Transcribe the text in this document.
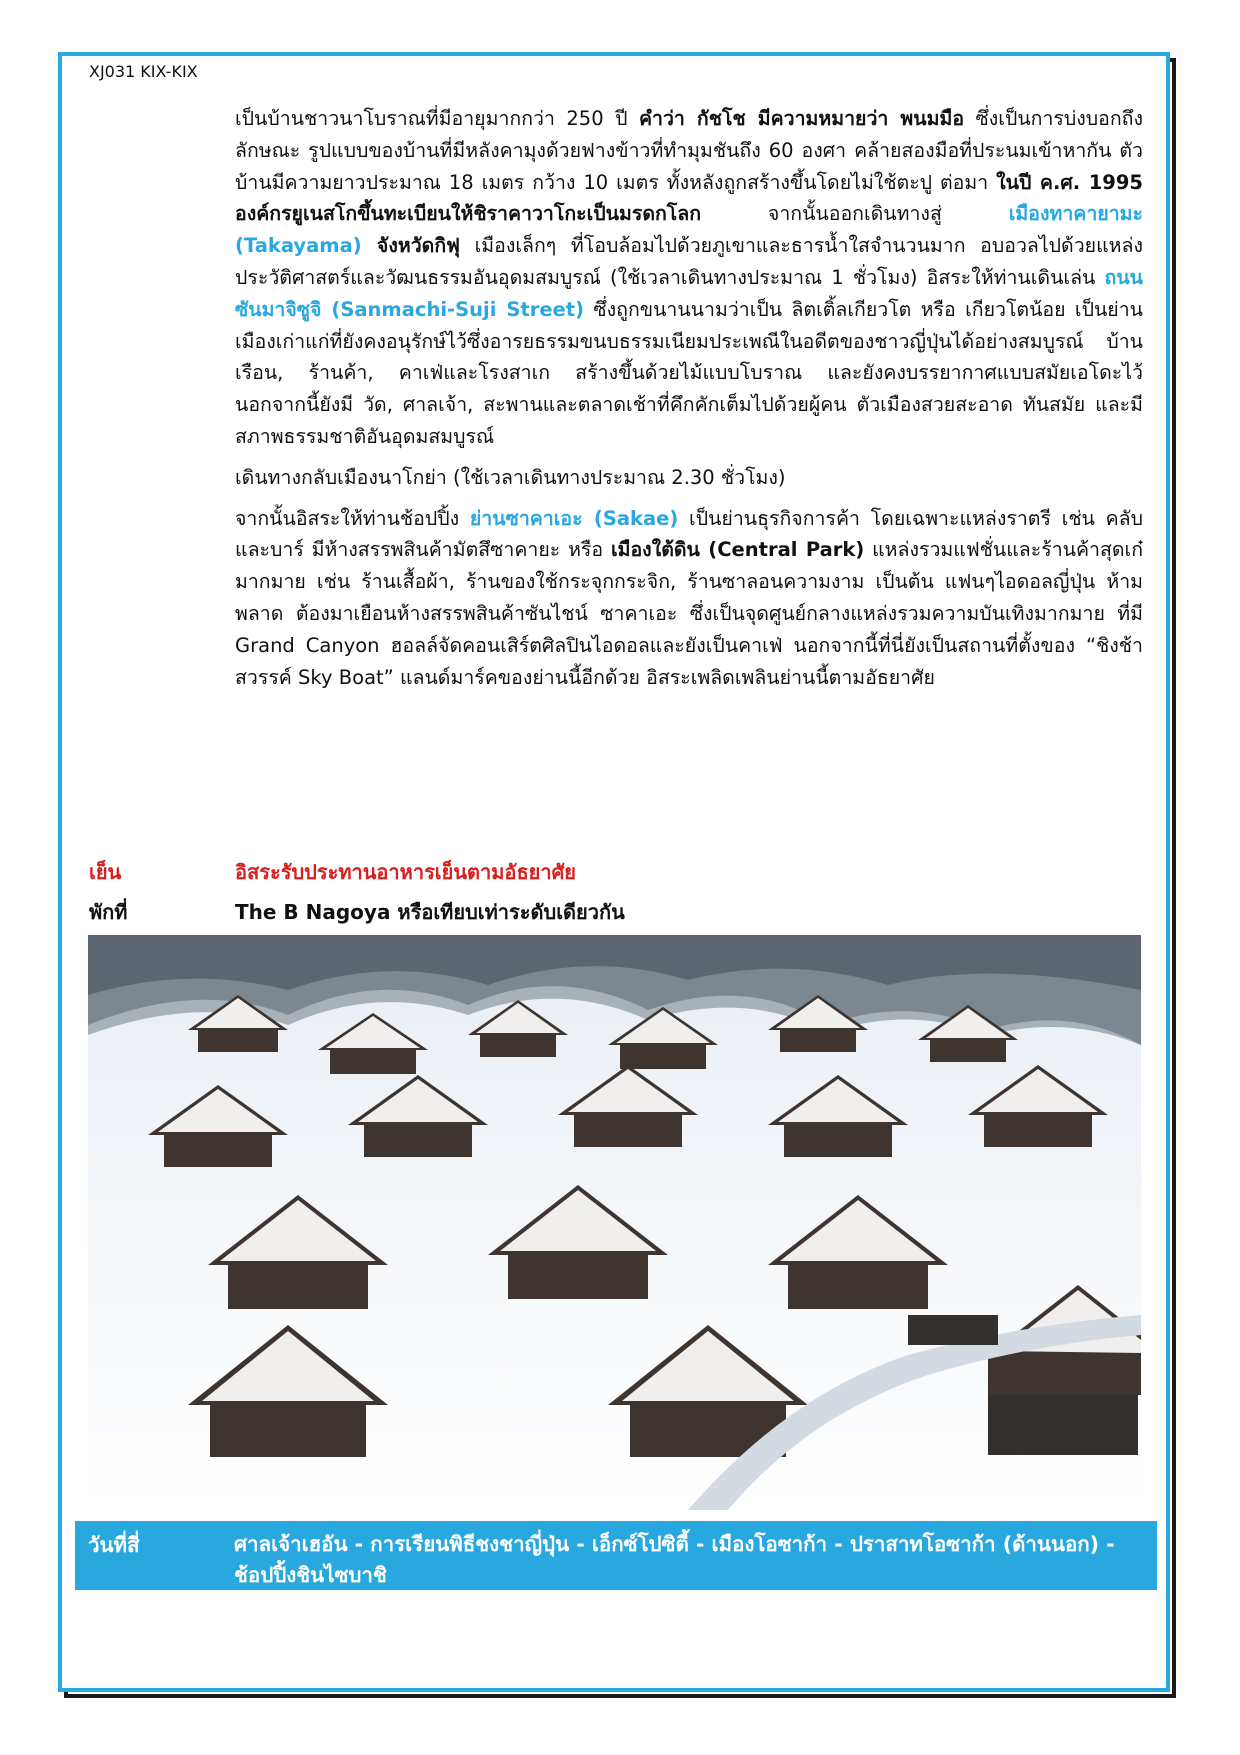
XJ031 KIX-KIX

เป็นบ้านชาวนาโบราณที่มีอายุมากกว่า 250 ปี คำว่า กัชโช มีความหมายว่า พนมมือ ซึ่งเป็นการบ่งบอกถึงลักษณะ รูปแบบของบ้านที่มีหลังคามุงด้วยฟางข้าวที่ทำมุมชันถึง 60 องศา คล้ายสองมือที่ประนมเข้าหากัน ตัวบ้านมีความยาวประมาณ 18 เมตร กว้าง 10 เมตร ทั้งหลังถูกสร้างขึ้นโดยไม่ใช้ตะปู ต่อมา ในปี ค.ศ. 1995 องค์กรยูเนสโกขึ้นทะเบียนให้ชิราคาวาโกะเป็นมรดกโลก จากนั้นออกเดินทางสู่ เมืองทาคายามะ (Takayama) จังหวัดกิฟุ เมืองเล็กๆ ที่โอบล้อมไปด้วยภูเขาและธารน้ำใสจำนวนมาก อบอวลไปด้วยแหล่งประวัติศาสตร์และวัฒนธรรมอันอุดมสมบูรณ์ (ใช้เวลาเดินทางประมาณ 1 ชั่วโมง) อิสระให้ท่านเดินเล่น ถนนซันมาจิซูจิ (Sanmachi-Suji Street) ซึ่งถูกขนานนามว่าเป็น ลิตเติ้ลเกียวโต หรือ เกียวโตน้อย เป็นย่านเมืองเก่าแก่ที่ยังคงอนุรักษ์ไว้ซึ่งอารยธรรมขนบธรรมเนียมประเพณีในอดีตของชาวญี่ปุ่นได้อย่างสมบูรณ์ บ้านเรือน, ร้านค้า, คาเฟ่และโรงสาเก สร้างขึ้นด้วยไม้แบบโบราณ และยังคงบรรยากาศแบบสมัยเอโดะไว้ นอกจากนี้ยังมี วัด, ศาลเจ้า, สะพานและตลาดเช้าที่คึกคักเต็มไปด้วยผู้คน ตัวเมืองสวยสะอาด ทันสมัย และมีสภาพธรรมชาติอันอุดมสมบูรณ์

เดินทางกลับเมืองนาโกย่า (ใช้เวลาเดินทางประมาณ 2.30 ชั่วโมง)

จากนั้นอิสระให้ท่านช้อปปิ้ง ย่านซาคาเอะ (Sakae) เป็นย่านธุรกิจการค้า โดยเฉพาะแหล่งราตรี เช่น คลับและบาร์ มีห้างสรรพสินค้ามัตสึซาคายะ หรือ เมืองใต้ดิน (Central Park) แหล่งรวมแฟชั่นและร้านค้าสุดเก๋มากมาย เช่น ร้านเสื้อผ้า, ร้านของใช้กระจุกกระจิก, ร้านซาลอนความงาม เป็นต้น แฟนๆไอดอลญี่ปุ่น ห้ามพลาด ต้องมาเยือนห้างสรรพสินค้าซันไชน์ ซาคาเอะ ซึ่งเป็นจุดศูนย์กลางแหล่งรวมความบันเทิงมากมาย ที่มี Grand Canyon ฮอลล์จัดคอนเสิร์ตศิลปินไอดอลและยังเป็นคาเฟ่ นอกจากนี้ที่นี่ยังเป็นสถานที่ตั้งของ “ชิงช้าสวรรค์ Sky Boat” แลนด์มาร์คของย่านนี้อีกด้วย อิสระเพลิดเพลินย่านนี้ตามอัธยาศัย

เย็น	อิสระรับประทานอาหารเย็นตามอัธยาศัย
พักที่	The B Nagoya หรือเทียบเท่าระดับเดียวกัน
วันที่สี่	ศาลเจ้าเฮอัน - การเรียนพิธีชงชาญี่ปุ่น - เอ็กซ์โปซิตี้ - เมืองโอซาก้า - ปราสาทโอซาก้า (ด้านนอก) - ช้อปปิ้งชินไซบาชิ
